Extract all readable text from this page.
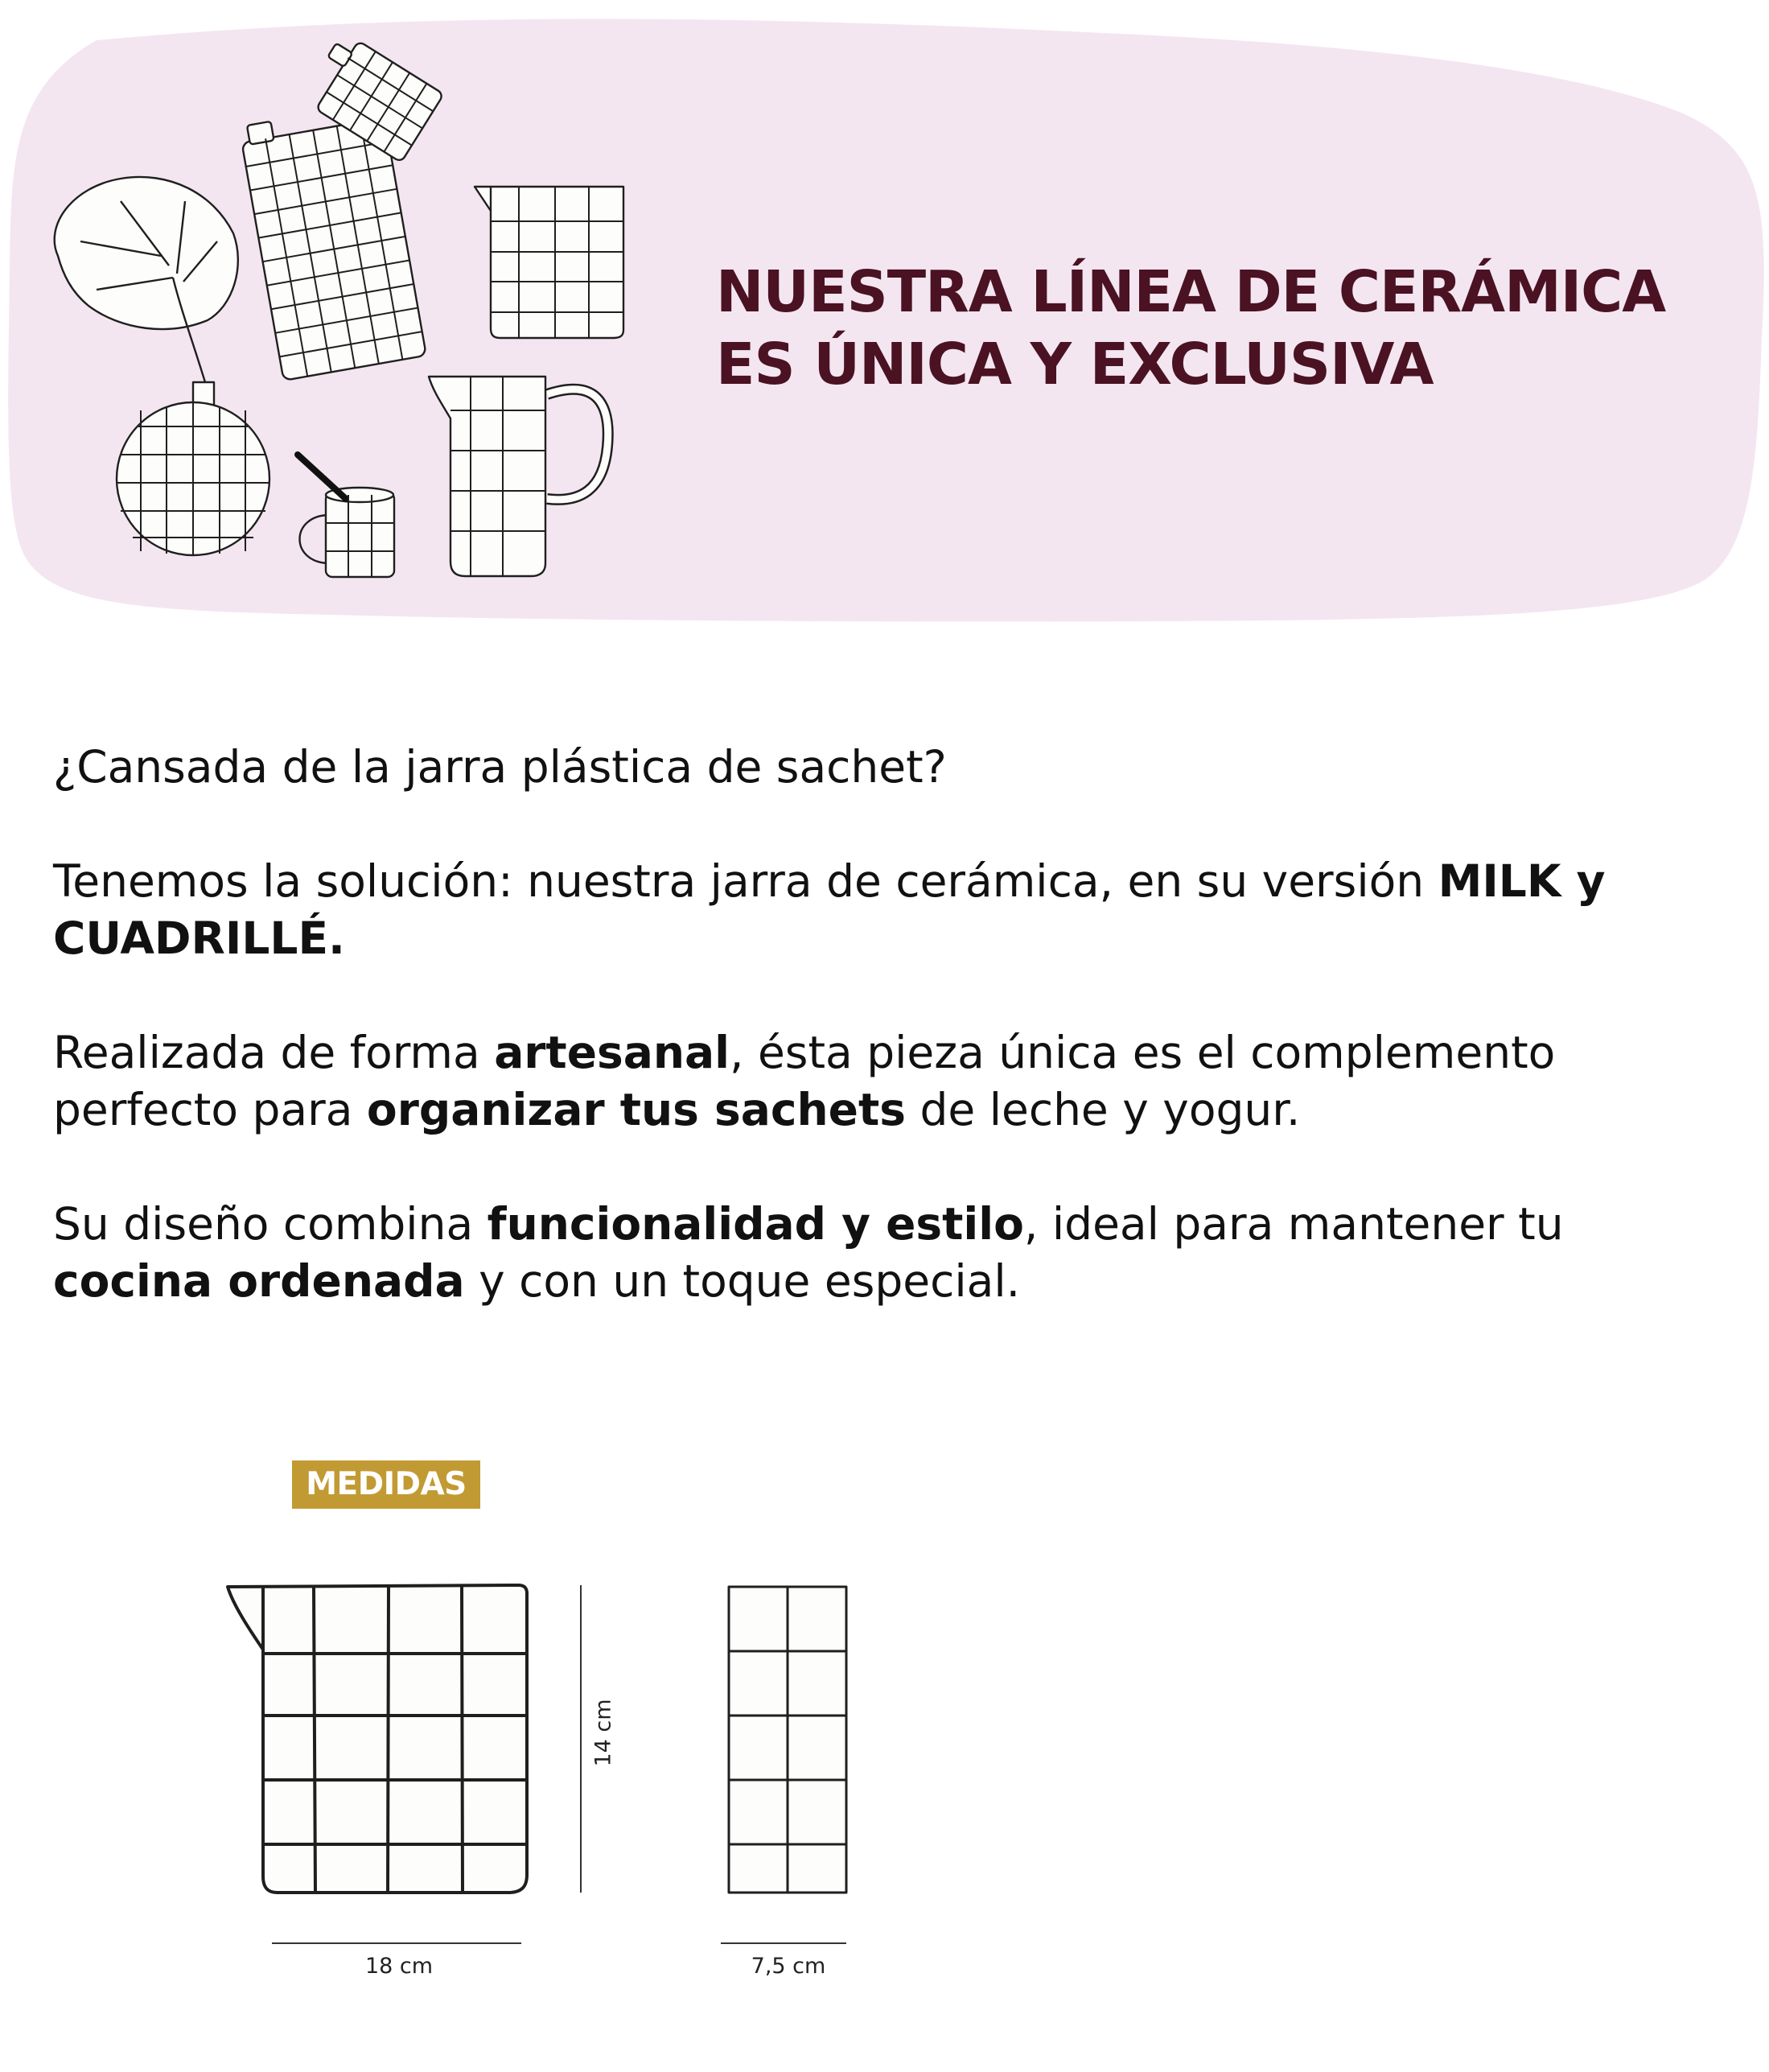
NUESTRA LÍNEA DE CERÁMICA
ES ÚNICA Y EXCLUSIVA

¿Cansada de la jarra plástica de sachet?

Tenemos la solución: nuestra jarra de cerámica, en su versión MILK y CUADRILLÉ.

Realizada de forma artesanal, ésta pieza única es el complemento perfecto para organizar tus sachets de leche y yogur.

Su diseño combina funcionalidad y estilo, ideal para mantener tu cocina ordenada y con un toque especial.

MEDIDAS
14 cm
18 cm	7,5 cm
